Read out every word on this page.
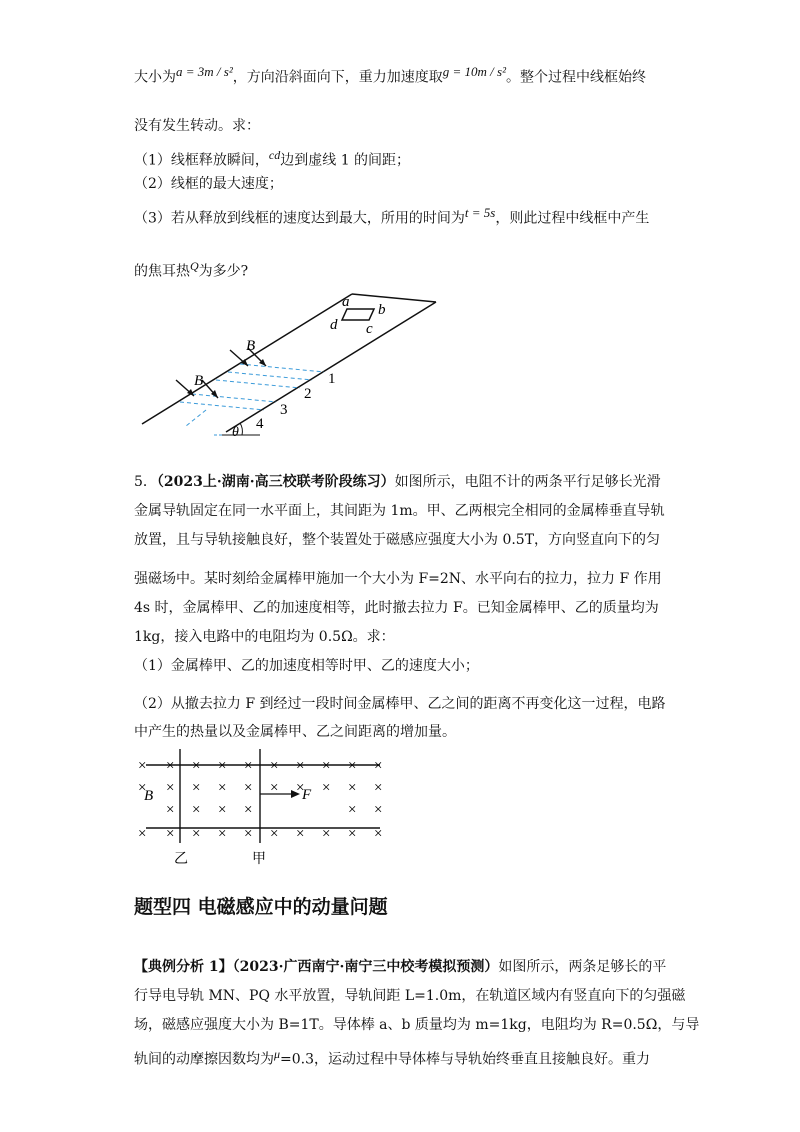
大小为$^{a = 3m / s^2}$，方向沿斜面向下，重力加速度取$^{g = 10m / s^2}$。整个过程中线框始终
没有发生转动。求：
（1）线框释放瞬间，$^{cd}$边到虚线 1 的间距；
（2）线框的最大速度；
（3）若从释放到线框的速度达到最大，所用的时间为$^{t = 5s}$，则此过程中线框中产生
的焦耳热$^Q$为多少?
a b
c
d
B
B	1
2
3
4
θ
5．（2023上·湖南·高三校联考阶段练习）如图所示，电阻不计的两条平行足够长光滑
金属导轨固定在同一水平面上，其间距为 1m。甲、乙两根完全相同的金属棒垂直导轨
放置，且与导轨接触良好，整个装置处于磁感应强度大小为 0.5T，方向竖直向下的匀
强磁场中。某时刻给金属棒甲施加一个大小为 F=2N、水平向右的拉力，拉力 F 作用
4s 时，金属棒甲、乙的加速度相等，此时撤去拉力 F。已知金属棒甲、乙的质量均为
1kg，接入电路中的电阻均为 0.5Ω。求：
（1）金属棒甲、乙的加速度相等时甲、乙的速度大小；
（2）从撤去拉力 F 到经过一段时间金属棒甲、乙之间的距离不再变化这一过程，电路
中产生的热量以及金属棒甲、乙之间距离的增加量。
F
B
乙	甲
× × × × × × × × × ×
× × × × × × × × × ×
× × × ×	× ×
× × × × × × × × × ×
题型四 电磁感应中的动量问题
【典例分析 1】（2023·广西南宁·南宁三中校考模拟预测）如图所示，两条足够长的平
行导电导轨 MN、PQ 水平放置，导轨间距 L=1.0m，在轨道区域内有竖直向下的匀强磁
场，磁感应强度大小为 B=1T。导体棒 a、b 质量均为 m=1kg，电阻均为 R=0.5Ω，与导
轨间的动摩擦因数均为$^\mu$=0.3，运动过程中导体棒与导轨始终垂直且接触良好。重力
